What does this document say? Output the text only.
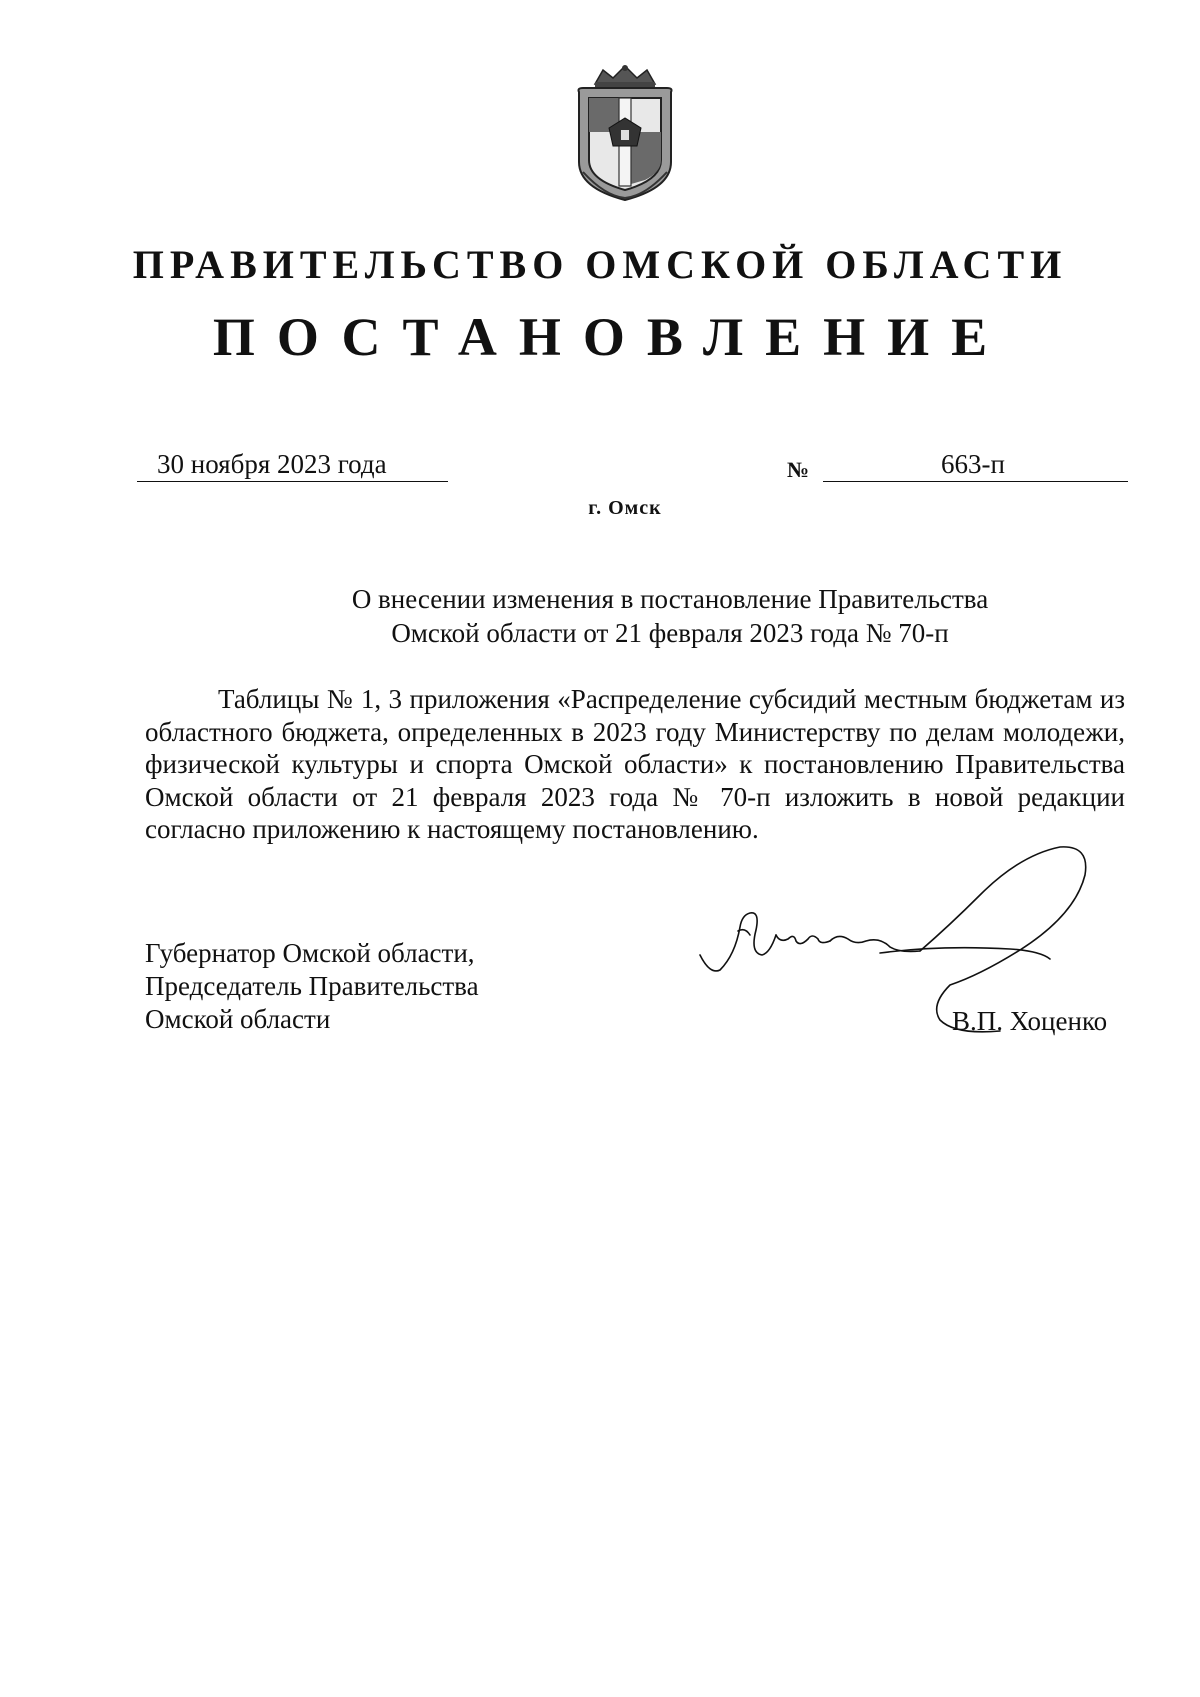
ПРАВИТЕЛЬСТВО ОМСКОЙ ОБЛАСТИ
ПОСТАНОВЛЕНИЕ
30 ноября 2023 года	№	663-п
г. Омск
О внесении изменения в постановление Правительства
Омской области от 21 февраля 2023 года № 70-п
Таблицы № 1, 3 приложения «Распределение субсидий местным бюджетам из областного бюджета, определенных в 2023 году Министерству по делам молодежи, физической культуры и спорта Омской области» к постановлению Правительства Омской области от 21 февраля 2023 года № 70-п изложить в новой редакции согласно приложению к настоящему постановлению.
Губернатор Омской области,
Председатель Правительства
Омской области	В.П. Хоценко
